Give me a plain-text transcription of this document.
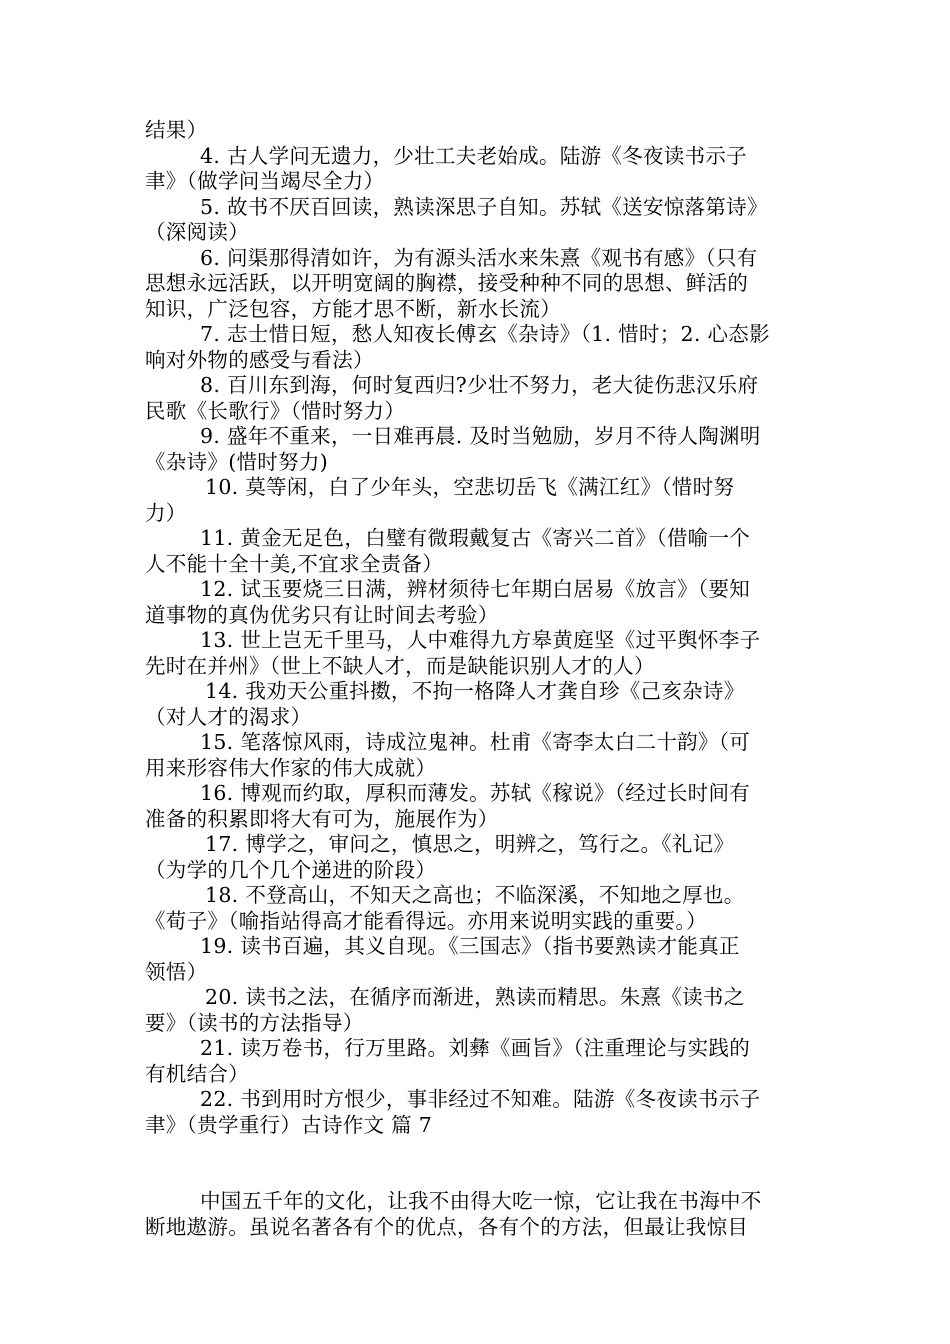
结果）
4. 古人学问无遗力，少壮工夫老始成。陆游《冬夜读书示子
聿》（做学问当竭尽全力）
5. 故书不厌百回读，熟读深思子自知。苏轼《送安惊落第诗》
（深阅读）
6. 问渠那得清如许，为有源头活水来朱熹《观书有感》（只有
思想永远活跃，以开明宽阔的胸襟，接受种种不同的思想、鲜活的
知识，广泛包容，方能才思不断，新水长流）
7. 志士惜日短，愁人知夜长傅玄《杂诗》（1. 惜时；2. 心态影
响对外物的感受与看法）
8. 百川东到海，何时复西归?少壮不努力，老大徒伤悲汉乐府
民歌《长歌行》（惜时努力）
9. 盛年不重来，一日难再晨. 及时当勉励，岁月不待人陶渊明
《杂诗》(惜时努力)
10. 莫等闲，白了少年头，空悲切岳飞《满江红》（惜时努
力）
11. 黄金无足色，白璧有微瑕戴复古《寄兴二首》（借喻一个
人不能十全十美,不宜求全责备）
12. 试玉要烧三日满，辨材须待七年期白居易《放言》（要知
道事物的真伪优劣只有让时间去考验）
13. 世上岂无千里马，人中难得九方皋黄庭坚《过平舆怀李子
先时在并州》（世上不缺人才，而是缺能识别人才的人）
14. 我劝天公重抖擞，不拘一格降人才龚自珍《己亥杂诗》
（对人才的渴求）
15. 笔落惊风雨，诗成泣鬼神。杜甫《寄李太白二十韵》（可
用来形容伟大作家的伟大成就）
16. 博观而约取，厚积而薄发。苏轼《稼说》（经过长时间有
准备的积累即将大有可为，施展作为）
17. 博学之，审问之，慎思之，明辨之，笃行之。《礼记》
（为学的几个几个递进的阶段）
18. 不登高山，不知天之高也；不临深溪，不知地之厚也。
《荀子》（喻指站得高才能看得远。亦用来说明实践的重要。）
19. 读书百遍，其义自现。《三国志》（指书要熟读才能真正
领悟）
20. 读书之法，在循序而渐进，熟读而精思。朱熹《读书之
要》（读书的方法指导）
21. 读万卷书，行万里路。刘彝《画旨》（注重理论与实践的
有机结合）
22. 书到用时方恨少，事非经过不知难。陆游《冬夜读书示子
聿》（贵学重行）古诗作文 篇 7
中国五千年的文化，让我不由得大吃一惊，它让我在书海中不
断地遨游。虽说名著各有个的优点，各有个的方法，但最让我惊目
